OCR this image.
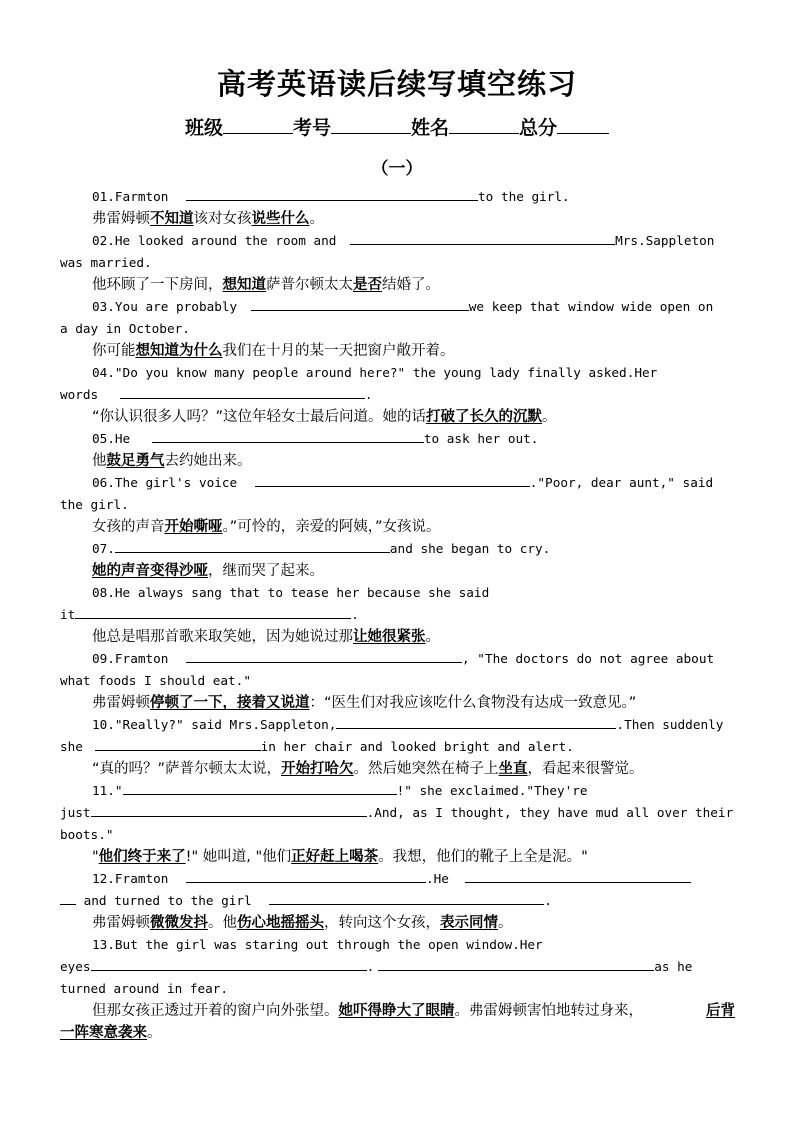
高考英语读后续写填空练习
班级	考号	姓名	总分
（一）
01.Farmton	to the girl.
弗雷姆顿不知道该对女孩说些什么。
02.He looked around the room and	Mrs.Sappleton
was married.
他环顾了一下房间，想知道萨普尔顿太太是否结婚了。
03.You are probably	we keep that window wide open on
a day in October.
你可能想知道为什么我们在十月的某一天把窗户敞开着。
04."Do you know many people around here?" the young lady finally asked.Her
words	.
“你认识很多人吗？”这位年轻女士最后问道。她的话打破了长久的沉默。
05.He	to ask her out.
他鼓足勇气去约她出来。
06.The girl's voice	."Poor, dear aunt," said
the girl.
女孩的声音开始嘶哑。”可怜的，亲爱的阿姨，”女孩说。
07.	and she began to cry.
她的声音变得沙哑，继而哭了起来。
08.He always sang that to tease her because she said
it	.
他总是唱那首歌来取笑她，因为她说过那让她很紧张。
09.Framton	, "The doctors do not agree about
what foods I should eat."
弗雷姆顿停顿了一下，接着又说道：“医生们对我应该吃什么食物没有达成一致意见。”
10."Really?" said Mrs.Sappleton,	.Then suddenly
she	in her chair and looked bright and alert.
“真的吗？”萨普尔顿太太说，开始打哈欠。然后她突然在椅子上坐直，看起来很警觉。
11."	!" she exclaimed."They're
just	.And, as I thought, they have mud all over their
boots."
"他们终于来了!" 她叫道, "他们正好赶上喝茶。我想，他们的靴子上全是泥。"
12.Framton	.He
and turned to the girl	.
弗雷姆顿微微发抖。他伤心地摇摇头，转向这个女孩，表示同情。
13.But the girl was staring out through the open window.Her
eyes	.	as he
turned around in fear.
但那女孩正透过开着的窗户向外张望。她吓得睁大了眼睛。弗雷姆顿害怕地转过身来，	后背
一阵寒意袭来。
